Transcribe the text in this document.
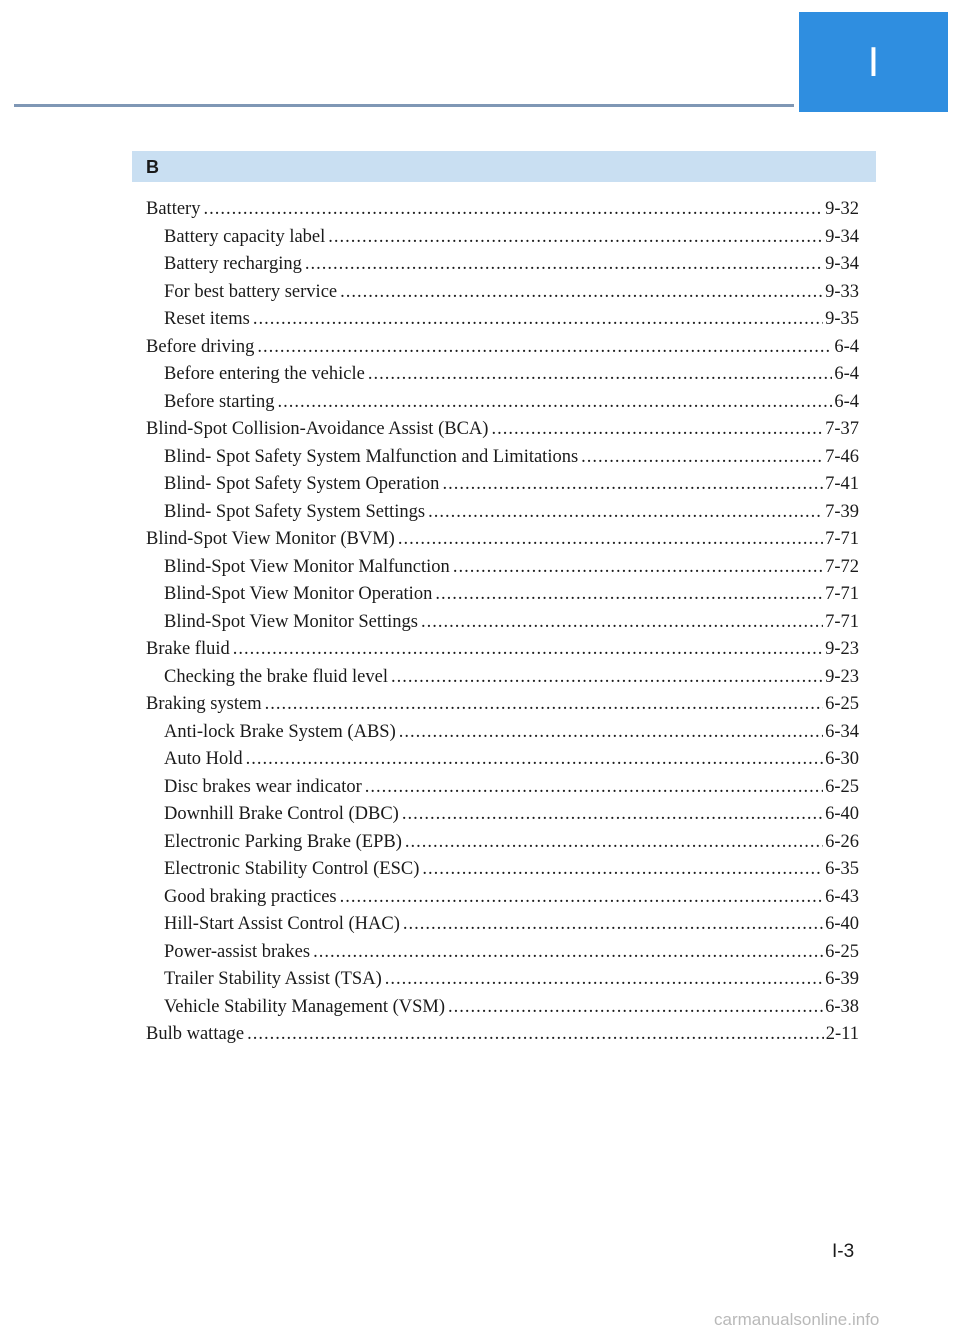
I
B
Battery .....	9-32
Battery capacity label .....	9-34
Battery recharging .....	9-34
For best battery service .....	9-33
Reset items .....	9-35
Before driving .....	6-4
Before entering the vehicle .....	6-4
Before starting .....	6-4
Blind-Spot Collision-Avoidance Assist (BCA) .....	7-37
Blind- Spot Safety System Malfunction and Limitations .....	7-46
Blind- Spot Safety System Operation .....	7-41
Blind- Spot Safety System Settings .....	7-39
Blind-Spot View Monitor (BVM) .....	7-71
Blind-Spot View Monitor Malfunction .....	7-72
Blind-Spot View Monitor Operation .....	7-71
Blind-Spot View Monitor Settings .....	7-71
Brake fluid .....	9-23
Checking the brake fluid level .....	9-23
Braking system .....	6-25
Anti-lock Brake System (ABS) .....	6-34
Auto Hold .....	6-30
Disc brakes wear indicator .....	6-25
Downhill Brake Control (DBC) .....	6-40
Electronic Parking Brake (EPB) .....	6-26
Electronic Stability Control (ESC) .....	6-35
Good braking practices .....	6-43
Hill-Start Assist Control (HAC) .....	6-40
Power-assist brakes .....	6-25
Trailer Stability Assist (TSA) .....	6-39
Vehicle Stability Management (VSM) .....	6-38
Bulb wattage .....	2-11
I-3
carmanualsonline.info
